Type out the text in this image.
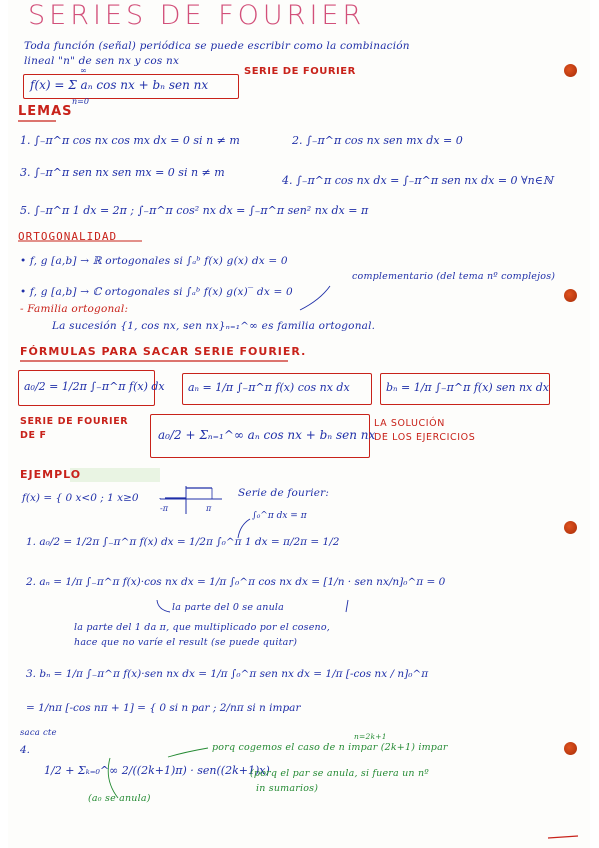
SERIES DE FOURIER

Toda función (señal) periódica se puede escribir como la combinación

lineal "n" de sen nx y cos nx

f(x) = Σ aₙ cos nx + bₙ sen nx

∞
n=0

SERIE DE FOURIER

LEMAS

1. ∫₋π^π cos nx cos mx dx = 0 si n ≠ m	2. ∫₋π^π cos nx sen mx dx = 0

3. ∫₋π^π sen nx sen mx = 0 si n ≠ m

4. ∫₋π^π cos nx dx = ∫₋π^π sen nx dx = 0 ∀n∈ℕ

5. ∫₋π^π 1 dx = 2π ; ∫₋π^π cos² nx dx = ∫₋π^π sen² nx dx = π

ORTOGONALIDAD

• f, g [a,b] → ℝ ortogonales si ∫ₐᵇ f(x) g(x) dx = 0

• f, g [a,b] → ℂ ortogonales si ∫ₐᵇ f(x) g(x)‾ dx = 0

complementario (del tema nº complejos)

- Familia ortogonal:

La sucesión {1, cos nx, sen nx}ₙ₌₁^∞ es familia ortogonal.

FÓRMULAS PARA SACAR SERIE FOURIER.

a₀/2 = 1/2π ∫₋π^π f(x) dx aₙ = 1/π ∫₋π^π f(x) cos nx dx	bₙ = 1/π ∫₋π^π f(x) sen nx dx

SERIE DE FOURIER

DE F	a₀/2 + Σₙ₌₁^∞ aₙ cos nx + bₙ sen nx

LA SOLUCIÓN

DE LOS EJERCICIOS

EJEMPLO

f(x) = { 0 x<0 ; 1 x≥0

-π	π

Serie de fourier:

∫₀^π dx = π

1. a₀/2 = 1/2π ∫₋π^π f(x) dx = 1/2π ∫₀^π 1 dx = π/2π = 1/2

2. aₙ = 1/π ∫₋π^π f(x)·cos nx dx = 1/π ∫₀^π cos nx dx = [1/n · sen nx/n]₀^π = 0

la parte del 0 se anula

la parte del 1 da π, que multiplicado por el coseno,

hace que no varíe el result (se puede quitar)

3. bₙ = 1/π ∫₋π^π f(x)·sen nx dx = 1/π ∫₀^π sen nx dx = 1/π [-cos nx / n]₀^π

= 1/nπ [-cos nπ + 1] = { 0 si n par ; 2/nπ si n impar

saca cte

4.

1/2 + Σₖ₌₀^∞ 2/((2k+1)π) · sen((2k+1)x)

porq cogemos el caso de n impar (2k+1) impar

(porq el par se anula, si fuera un nº

in sumarios)

(a₀ se anula)

n=2k+1
